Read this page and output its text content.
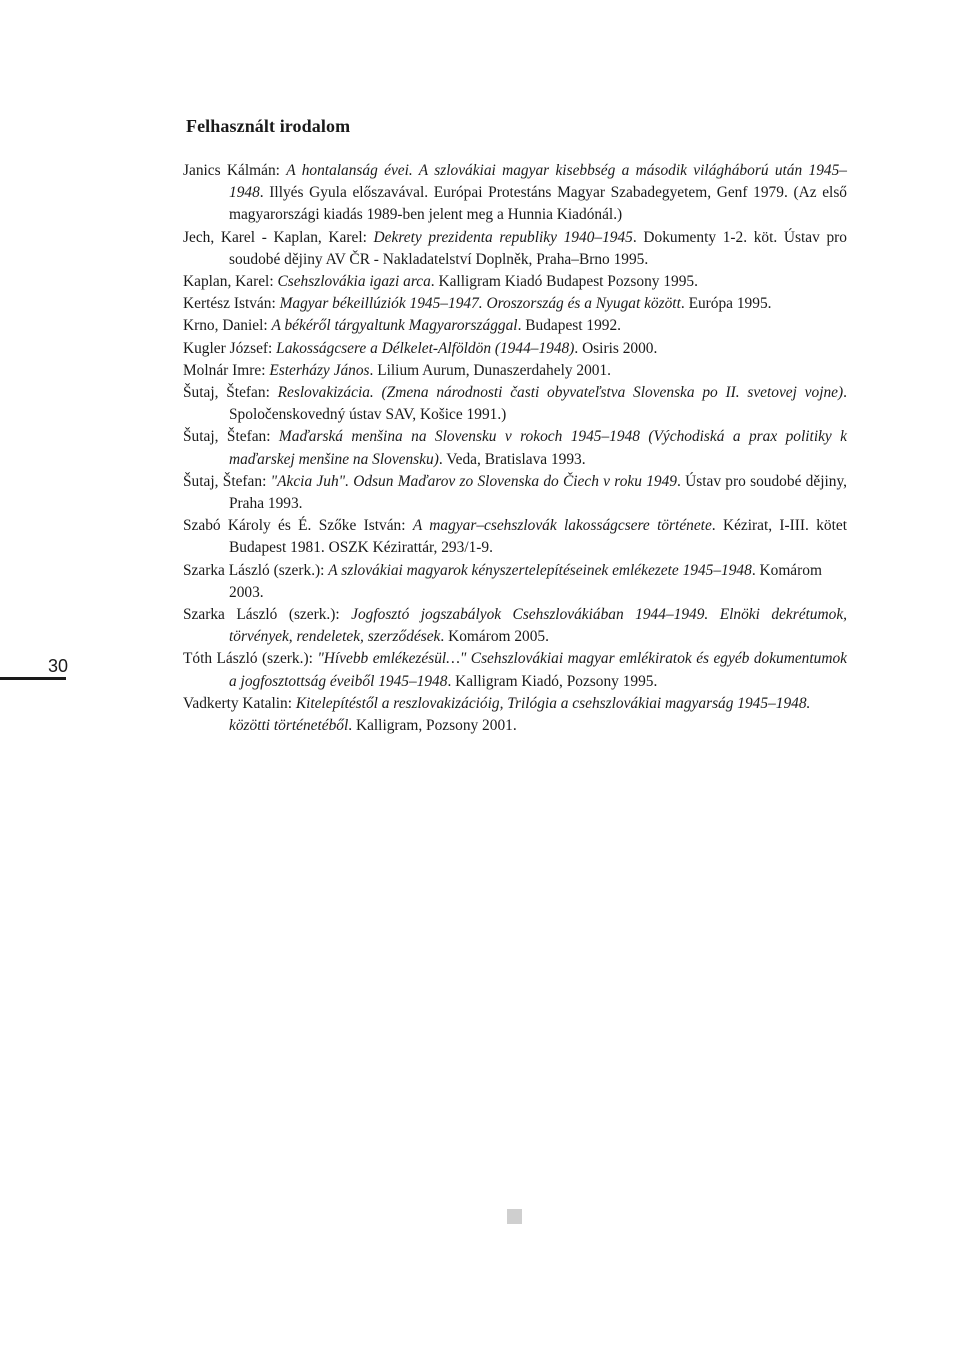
Felhasznált irodalom
Janics Kálmán: A hontalanság évei. A szlovákiai magyar kisebbség a második világháború után 1945–1948. Illyés Gyula előszavával. Európai Protestáns Magyar Szabadegyetem, Genf 1979. (Az első magyarországi kiadás 1989-ben jelent meg a Hunnia Kiadónál.)
Jech, Karel - Kaplan, Karel: Dekrety prezidenta republiky 1940–1945. Dokumenty 1-2. köt. Ústav pro soudobé dějiny AV ČR - Nakladatelství Doplněk, Praha–Brno 1995.
Kaplan, Karel: Csehszlovákia igazi arca. Kalligram Kiadó Budapest Pozsony 1995.
Kertész István: Magyar békeillúziók 1945–1947. Oroszország és a Nyugat között. Európa 1995.
Krno, Daniel: A békéről tárgyaltunk Magyarországgal. Budapest 1992.
Kugler József: Lakosságcsere a Délkelet-Alföldön (1944–1948). Osiris 2000.
Molnár Imre: Esterházy János. Lilium Aurum, Dunaszerdahely 2001.
Šutaj, Štefan: Reslovakizácia. (Zmena národnosti časti obyvateľstva Slovenska po II. svetovej vojne). Spoločenskovedný ústav SAV, Košice 1991.)
Šutaj, Štefan: Maďarská menšina na Slovensku v rokoch 1945–1948 (Východiská a prax politiky k maďarskej menšine na Slovensku). Veda, Bratislava 1993.
Šutaj, Štefan: "Akcia Juh". Odsun Maďarov zo Slovenska do Čiech v roku 1949. Ústav pro soudobé dějiny, Praha 1993.
Szabó Károly és É. Szőke István: A magyar–csehszlovák lakosságcsere története. Kézirat, I-III. kötet Budapest 1981. OSZK Kézirattár, 293/1-9.
Szarka László (szerk.): A szlovákiai magyarok kényszertelepítéseinek emlékezete 1945–1948. Komárom 2003.
Szarka László (szerk.): Jogfosztó jogszabályok Csehszlovákiában 1944–1949. Elnöki dekrétumok, törvények, rendeletek, szerződések. Komárom 2005.
Tóth László (szerk.): "Hívebb emlékezésül…" Csehszlovákiai magyar emlékiratok és egyéb dokumentumok a jogfosztottság éveiből 1945–1948. Kalligram Kiadó, Pozsony 1995.
Vadkerty Katalin: Kitelepítéstől a reszlovakizációig, Trilógia a csehszlovákiai magyarság 1945–1948. közötti történetéből. Kalligram, Pozsony 2001.
30
